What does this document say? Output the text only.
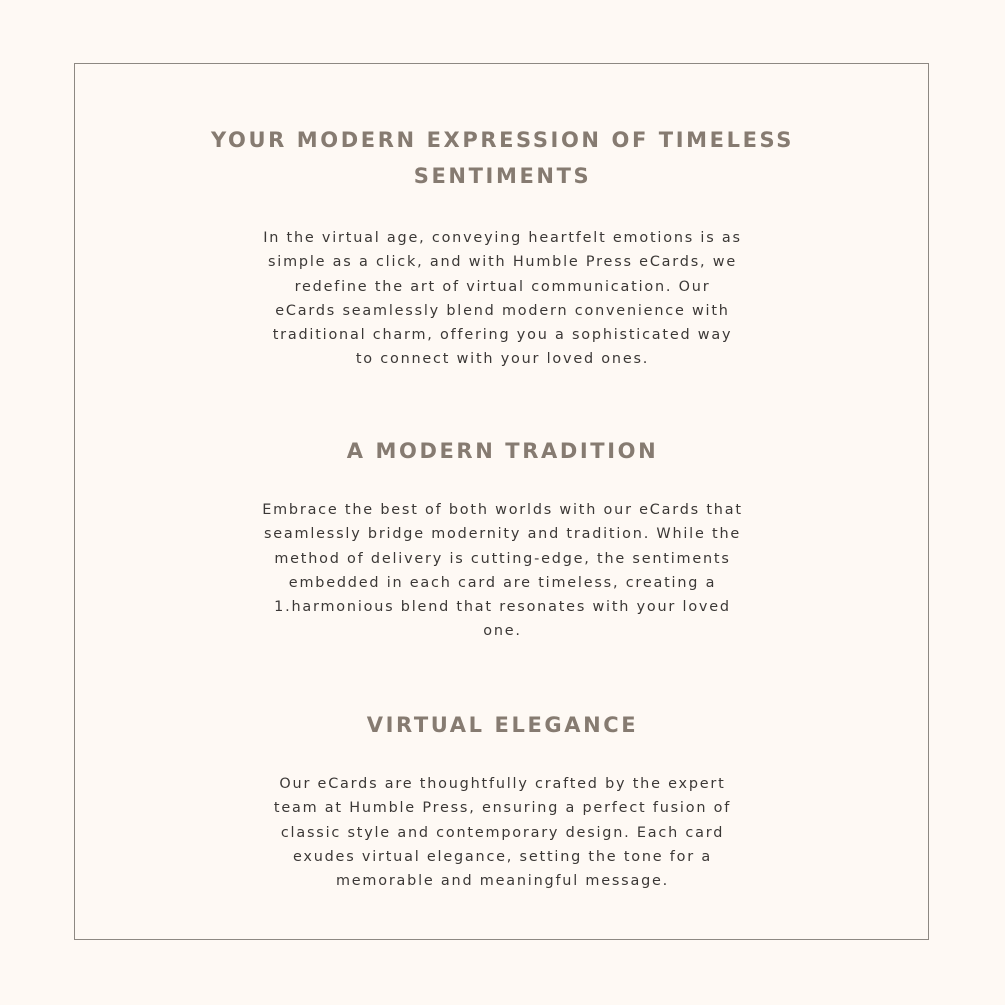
YOUR MODERN EXPRESSION OF TIMELESS SENTIMENTS

In the virtual age, conveying heartfelt emotions is as simple as a click, and with Humble Press eCards, we redefine the art of virtual communication. Our eCards seamlessly blend modern convenience with traditional charm, offering you a sophisticated way to connect with your loved ones.

A MODERN TRADITION

Embrace the best of both worlds with our eCards that seamlessly bridge modernity and tradition. While the method of delivery is cutting-edge, the sentiments embedded in each card are timeless, creating a 1.harmonious blend that resonates with your loved one.

VIRTUAL ELEGANCE

Our eCards are thoughtfully crafted by the expert team at Humble Press, ensuring a perfect fusion of classic style and contemporary design. Each card exudes virtual elegance, setting the tone for a memorable and meaningful message.
